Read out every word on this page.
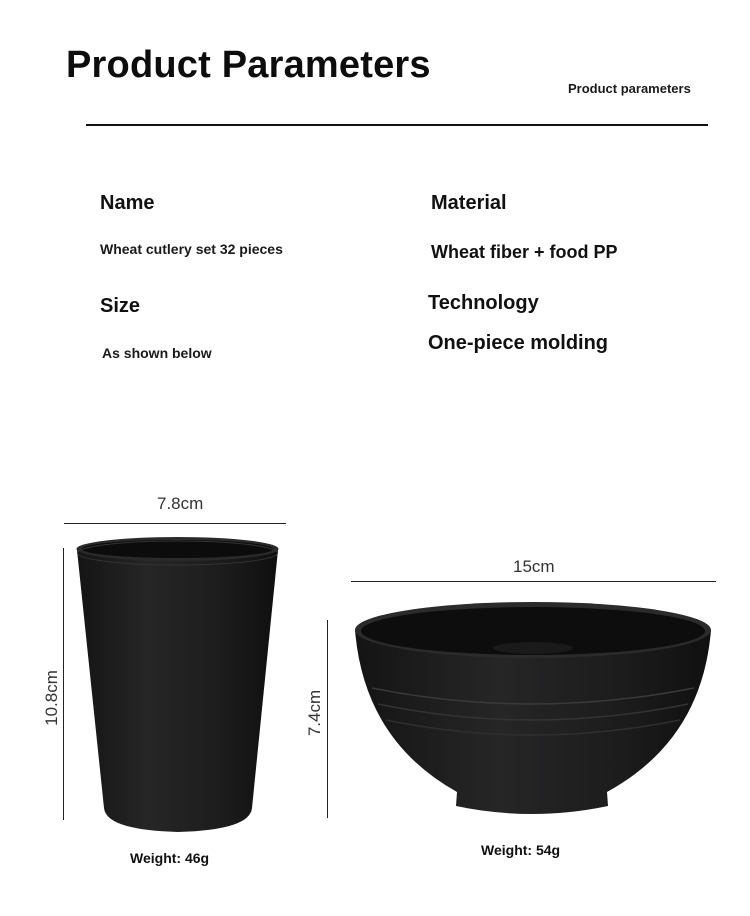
Product Parameters
Product parameters
Name
Wheat cutlery set 32 pieces
Material
Wheat fiber + food PP
Size
As shown below
Technology
One-piece molding
7.8cm
10.8cm
Weight: 46g
15cm
7.4cm
Weight: 54g
